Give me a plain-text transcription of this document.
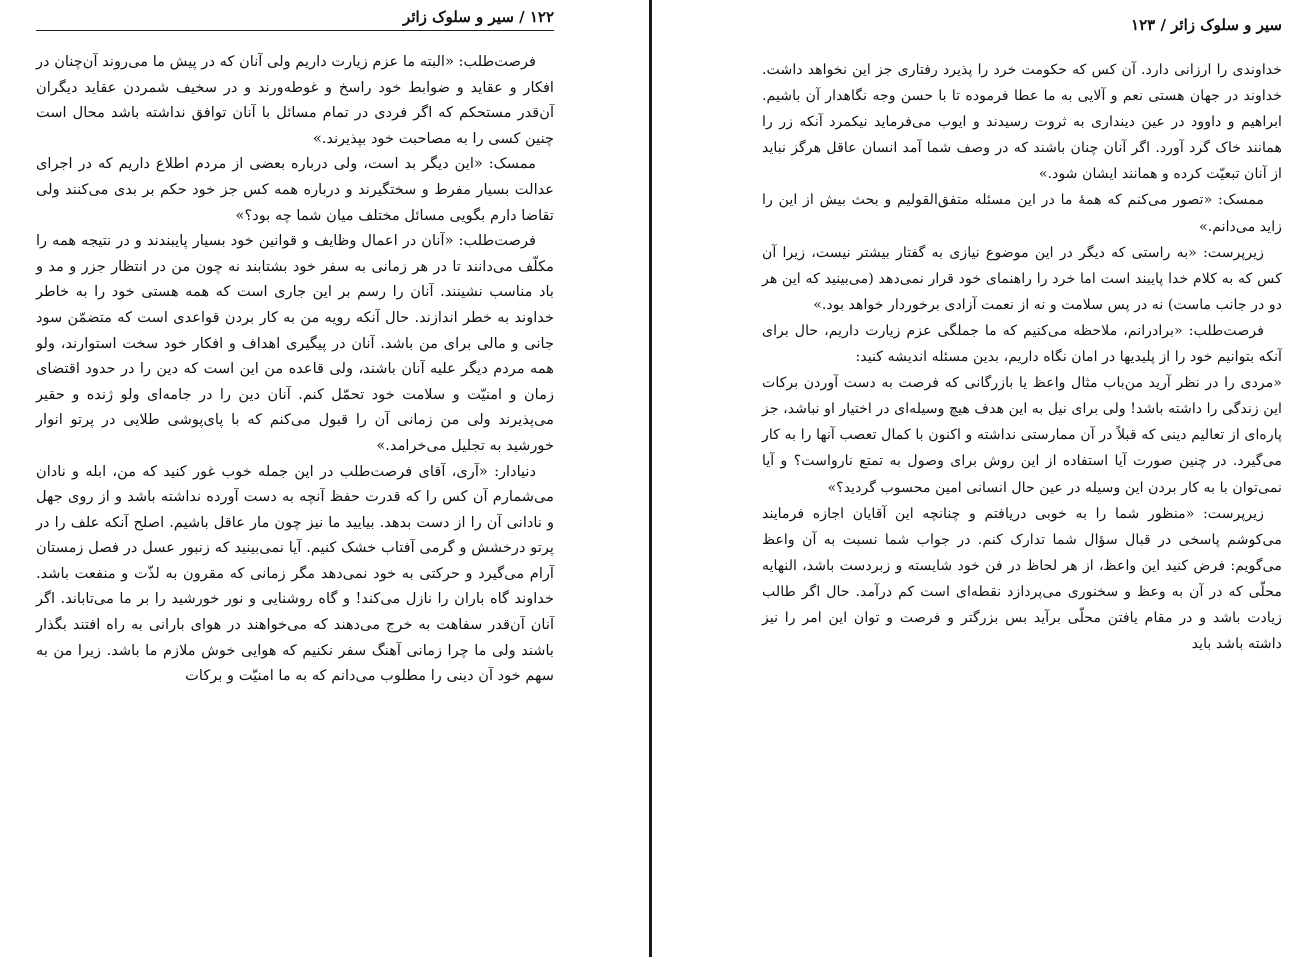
۱۲۲ / سیر و سلوک زائر

فرصت‌طلب: «البته ما عزم زیارت داریم ولی آنان که در پیش ما می‌روند آن‌چنان در افکار و عقاید و ضوابط خود راسخ و غوطه‌ورند و در سخیف شمردن عقاید دیگران آن‌قدر مستحکم که اگر فردی در تمام مسائل با آنان توافق نداشته باشد محال است چنین کسی را به مصاحبت خود بپذیرند.»

ممسک: «این دیگر بد است، ولی درباره بعضی از مردم اطلاع داریم که در اجرای عدالت بسیار مفرط و سختگیرند و درباره همه کس جز خود حکم بر بدی می‌کنند ولی تقاضا دارم بگویی مسائل مختلف میان شما چه بود؟»

فرصت‌طلب: «آنان در اعمال وظایف و قوانین خود بسیار پایبندند و در نتیجه همه را مکلّف می‌دانند تا در هر زمانی به سفر خود بشتابند نه چون من در انتظار جزر و مد و باد مناسب نشینند. آنان را رسم بر این جاری است که همه هستی خود را به خاطر خداوند به خطر اندازند. حال آنکه رویه من به کار بردن قواعدی است که متضمّن سود جانی و مالی برای من باشد. آنان در پیگیری اهداف و افکار خود سخت استوارند، ولو همه مردم دیگر علیه آنان باشند، ولی قاعده من این است که دین را در حدود اقتضای زمان و امنیّت و سلامت خود تحمّل کنم. آنان دین را در جامه‌ای ولو ژنده و حقیر می‌پذیرند ولی من زمانی آن را قبول می‌کنم که با پای‌پوشی طلایی در پرتو انوار خورشید به تجلیل می‌خرامد.»

دنیادار: «آری، آقای فرصت‌طلب در این جمله خوب غور کنید که من، ابله و نادان می‌شمارم آن کس را که قدرت حفظ آنچه به دست آورده نداشته باشد و از روی جهل و نادانی آن را از دست بدهد. بیایید ما نیز چون مار عاقل باشیم. اصلح آنکه علف را در پرتو درخشش و گرمی آفتاب خشک کنیم. آیا نمی‌بینید که زنبور عسل در فصل زمستان آرام می‌گیرد و حرکتی به خود نمی‌دهد مگر زمانی که مقرون به لذّت و منفعت باشد. خداوند گاه باران را نازل می‌کند! و گاه روشنایی و نور خورشید را بر ما می‌تاباند. اگر آنان آن‌قدر سفاهت به خرج می‌دهند که می‌خواهند در هوای بارانی به راه افتند بگذار باشند ولی ما چرا زمانی آهنگ سفر نکنیم که هوایی خوش ملازم ما باشد. زیرا من به سهم خود آن دینی را مطلوب می‌دانم که به ما امنیّت و برکات

سیر و سلوک زائر / ۱۲۳

خداوندی را ارزانی دارد. آن کس که حکومت خرد را پذیرد رفتاری جز این نخواهد داشت. خداوند در جهان هستی نعم و آلایی به ما عطا فرموده تا با حسن وجه نگاهدار آن باشیم. ابراهیم و داوود در عین دینداری به ثروت رسیدند و ایوب می‌فرماید نیکمرد آنکه زر را همانند خاک گرد آورد. اگر آنان چنان باشند که در وصف شما آمد انسان عاقل هرگز نباید از آنان تبعیّت کرده و همانند ایشان شود.»

ممسک: «تصور می‌کنم که همهٔ ما در این مسئله متفق‌القولیم و بحث بیش از این را زاید می‌دانم.»

زیرپرست: «به راستی که دیگر در این موضوع نیازی به گفتار بیشتر نیست، زیرا آن کس که به کلام خدا پایبند است اما خرد را راهنمای خود قرار نمی‌دهد (می‌بینید که این هر دو در جانب ماست) نه در پس سلامت و نه از نعمت آزادی برخوردار خواهد بود.»

فرصت‌طلب: «برادرانم، ملاحظه می‌کنیم که ما جملگی عزم زیارت داریم، حال برای آنکه بتوانیم خود را از پلیدیها در امان نگاه داریم، بدین مسئله اندیشه کنید:

«مردی را در نظر آرید من‌باب مثال واعظ یا بازرگانی که فرصت به دست آوردن برکات این زندگی را داشته باشد! ولی برای نیل به این هدف هیچ وسیله‌ای در اختیار او نباشد، جز پاره‌ای از تعالیم دینی که قبلاً در آن ممارستی نداشته و اکنون با کمال تعصب آنها را به کار می‌گیرد. در چنین صورت آیا استفاده از این روش برای وصول به تمتع نارواست؟ و آیا نمی‌توان با به کار بردن این وسیله در عین حال انسانی امین محسوب گردید؟»

زیرپرست: «منظور شما را به خوبی دریافتم و چنانچه این آقایان اجازه فرمایند می‌کوشم پاسخی در قبال سؤال شما تدارک کنم. در جواب شما نسبت به آن واعظ می‌گویم: فرض کنید این واعظ، از هر لحاظ در فن خود شایسته و زبردست باشد، النهایه محلّی که در آن به وعظ و سخنوری می‌پردازد نقطه‌ای است کم درآمد. حال اگر طالب زیادت باشد و در مقام یافتن محلّی برآید بس بزرگتر و فرصت و توان این امر را نیز داشته باشد باید
